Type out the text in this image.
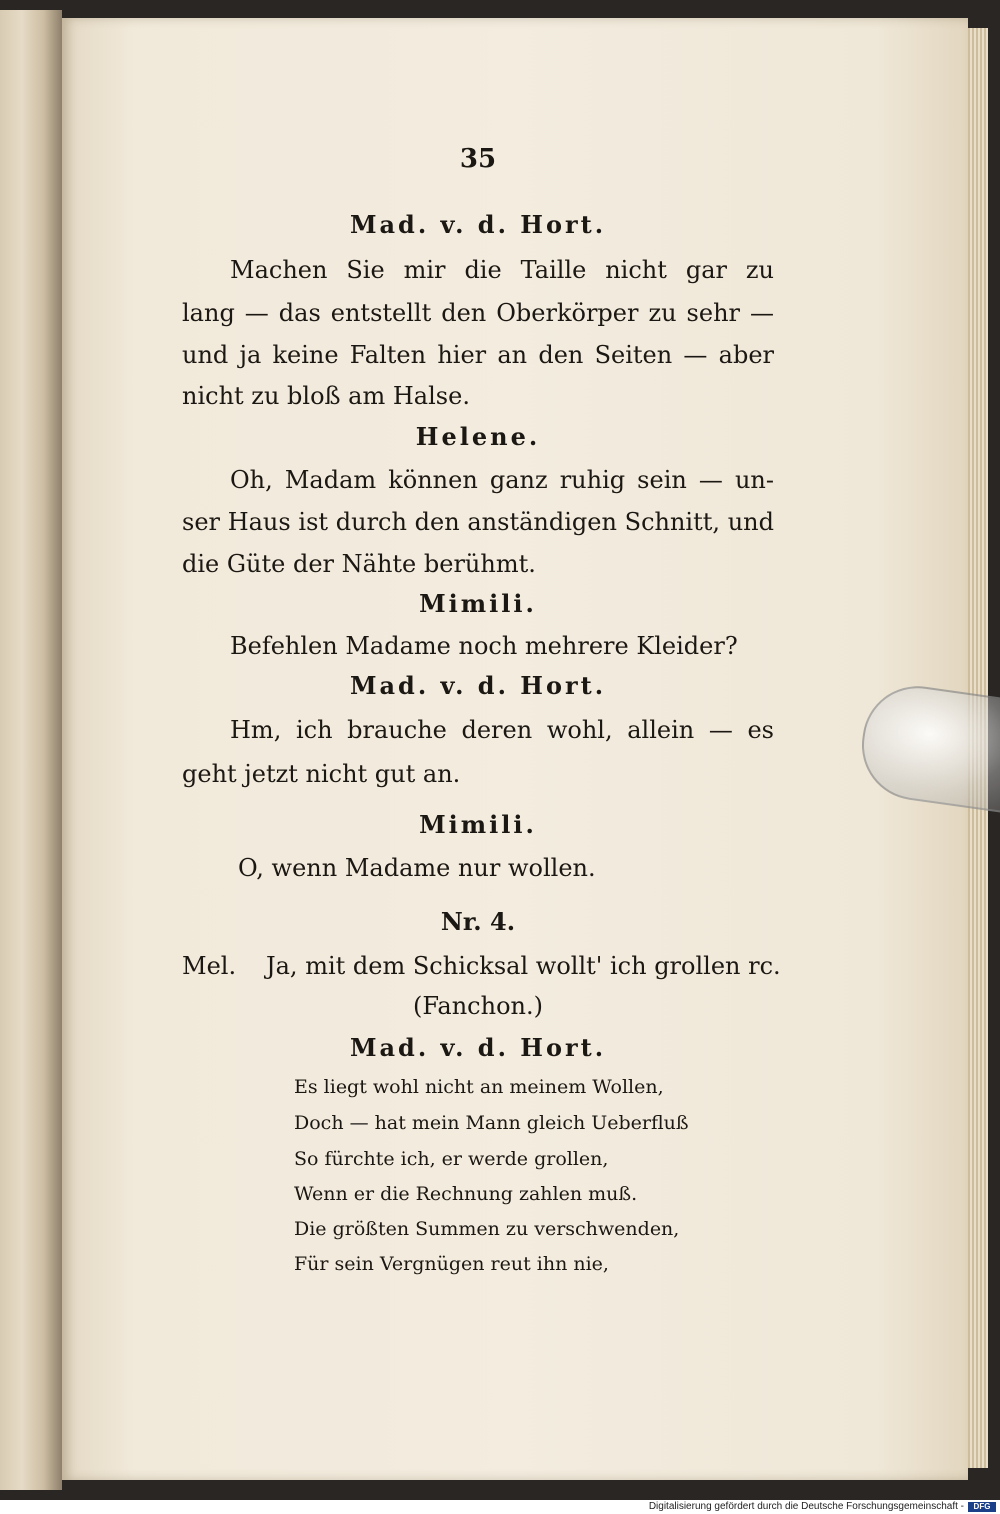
35
Mad. v. d. Hort.
Machen Sie mir die Taille nicht gar zu
lang — das entstellt den Oberkörper zu sehr —
und ja keine Falten hier an den Seiten — aber
nicht zu bloß am Halse.
Helene.
Oh, Madam können ganz ruhig sein — un-
ser Haus ist durch den anständigen Schnitt, und
die Güte der Nähte berühmt.
Mimili.
Befehlen Madame noch mehrere Kleider?
Mad. v. d. Hort.
Hm, ich brauche deren wohl, allein — es
geht jetzt nicht gut an.
Mimili.
O, wenn Madame nur wollen.
Nr. 4.
Mel. Ja, mit dem Schicksal wollt' ich grollen rc.
(Fanchon.)
Mad. v. d. Hort.
Es liegt wohl nicht an meinem Wollen,
Doch — hat mein Mann gleich Ueberfluß
So fürchte ich, er werde grollen,
Wenn er die Rechnung zahlen muß.
Die größten Summen zu verschwenden,
Für sein Vergnügen reut ihn nie,
Digitalisierung gefördert durch die Deutsche Forschungsgemeinschaft -	DFG
